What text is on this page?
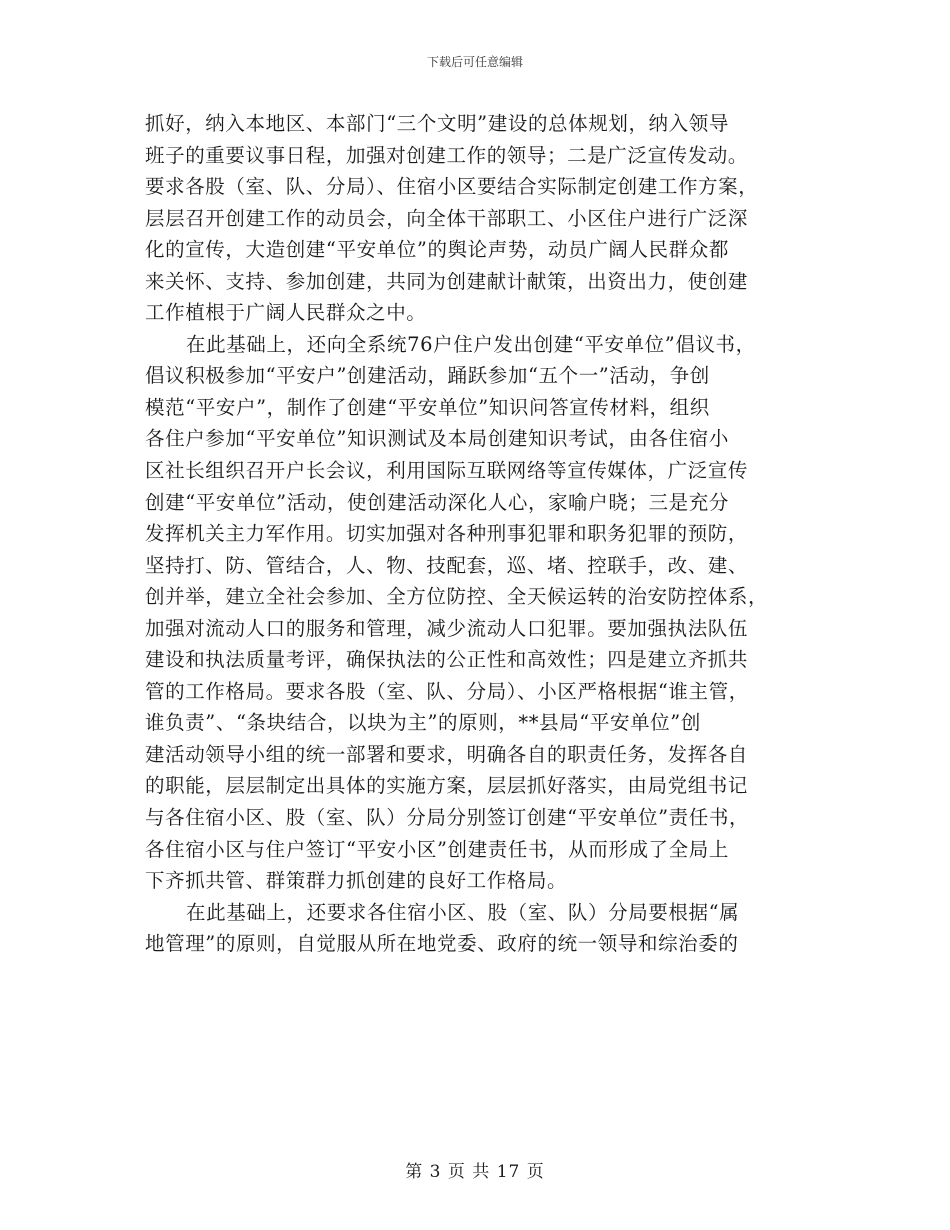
下载后可任意编辑
抓好，纳入本地区、本部门“三个文明”建设的总体规划，纳入领导
班子的重要议事日程，加强对创建工作的领导；二是广泛宣传发动。
要求各股（室、队、分局）、住宿小区要结合实际制定创建工作方案，
层层召开创建工作的动员会，向全体干部职工、小区住户进行广泛深
化的宣传，大造创建“平安单位”的舆论声势，动员广阔人民群众都
来关怀、支持、参加创建，共同为创建献计献策，出资出力，使创建
工作植根于广阔人民群众之中。
在此基础上，还向全系统76户住户发出创建“平安单位”倡议书，
倡议积极参加“平安户”创建活动，踊跃参加“五个一”活动，争创
模范“平安户”，制作了创建“平安单位”知识问答宣传材料，组织
各住户参加“平安单位”知识测试及本局创建知识考试，由各住宿小
区社长组织召开户长会议，利用国际互联网络等宣传媒体，广泛宣传
创建“平安单位”活动，使创建活动深化人心，家喻户晓；三是充分
发挥机关主力军作用。切实加强对各种刑事犯罪和职务犯罪的预防，
坚持打、防、管结合，人、物、技配套，巡、堵、控联手，改、建、
创并举，建立全社会参加、全方位防控、全天候运转的治安防控体系，
加强对流动人口的服务和管理，减少流动人口犯罪。要加强执法队伍
建设和执法质量考评，确保执法的公正性和高效性；四是建立齐抓共
管的工作格局。要求各股（室、队、分局）、小区严格根据“谁主管，
谁负责”、“条块结合，以块为主”的原则，**县局“平安单位”创
建活动领导小组的统一部署和要求，明确各自的职责任务，发挥各自
的职能，层层制定出具体的实施方案，层层抓好落实，由局党组书记
与各住宿小区、股（室、队）分局分别签订创建“平安单位”责任书，
各住宿小区与住户签订“平安小区”创建责任书，从而形成了全局上
下齐抓共管、群策群力抓创建的良好工作格局。
在此基础上，还要求各住宿小区、股（室、队）分局要根据“属
地管理”的原则，自觉服从所在地党委、政府的统一领导和综治委的
第 3 页 共 17 页
